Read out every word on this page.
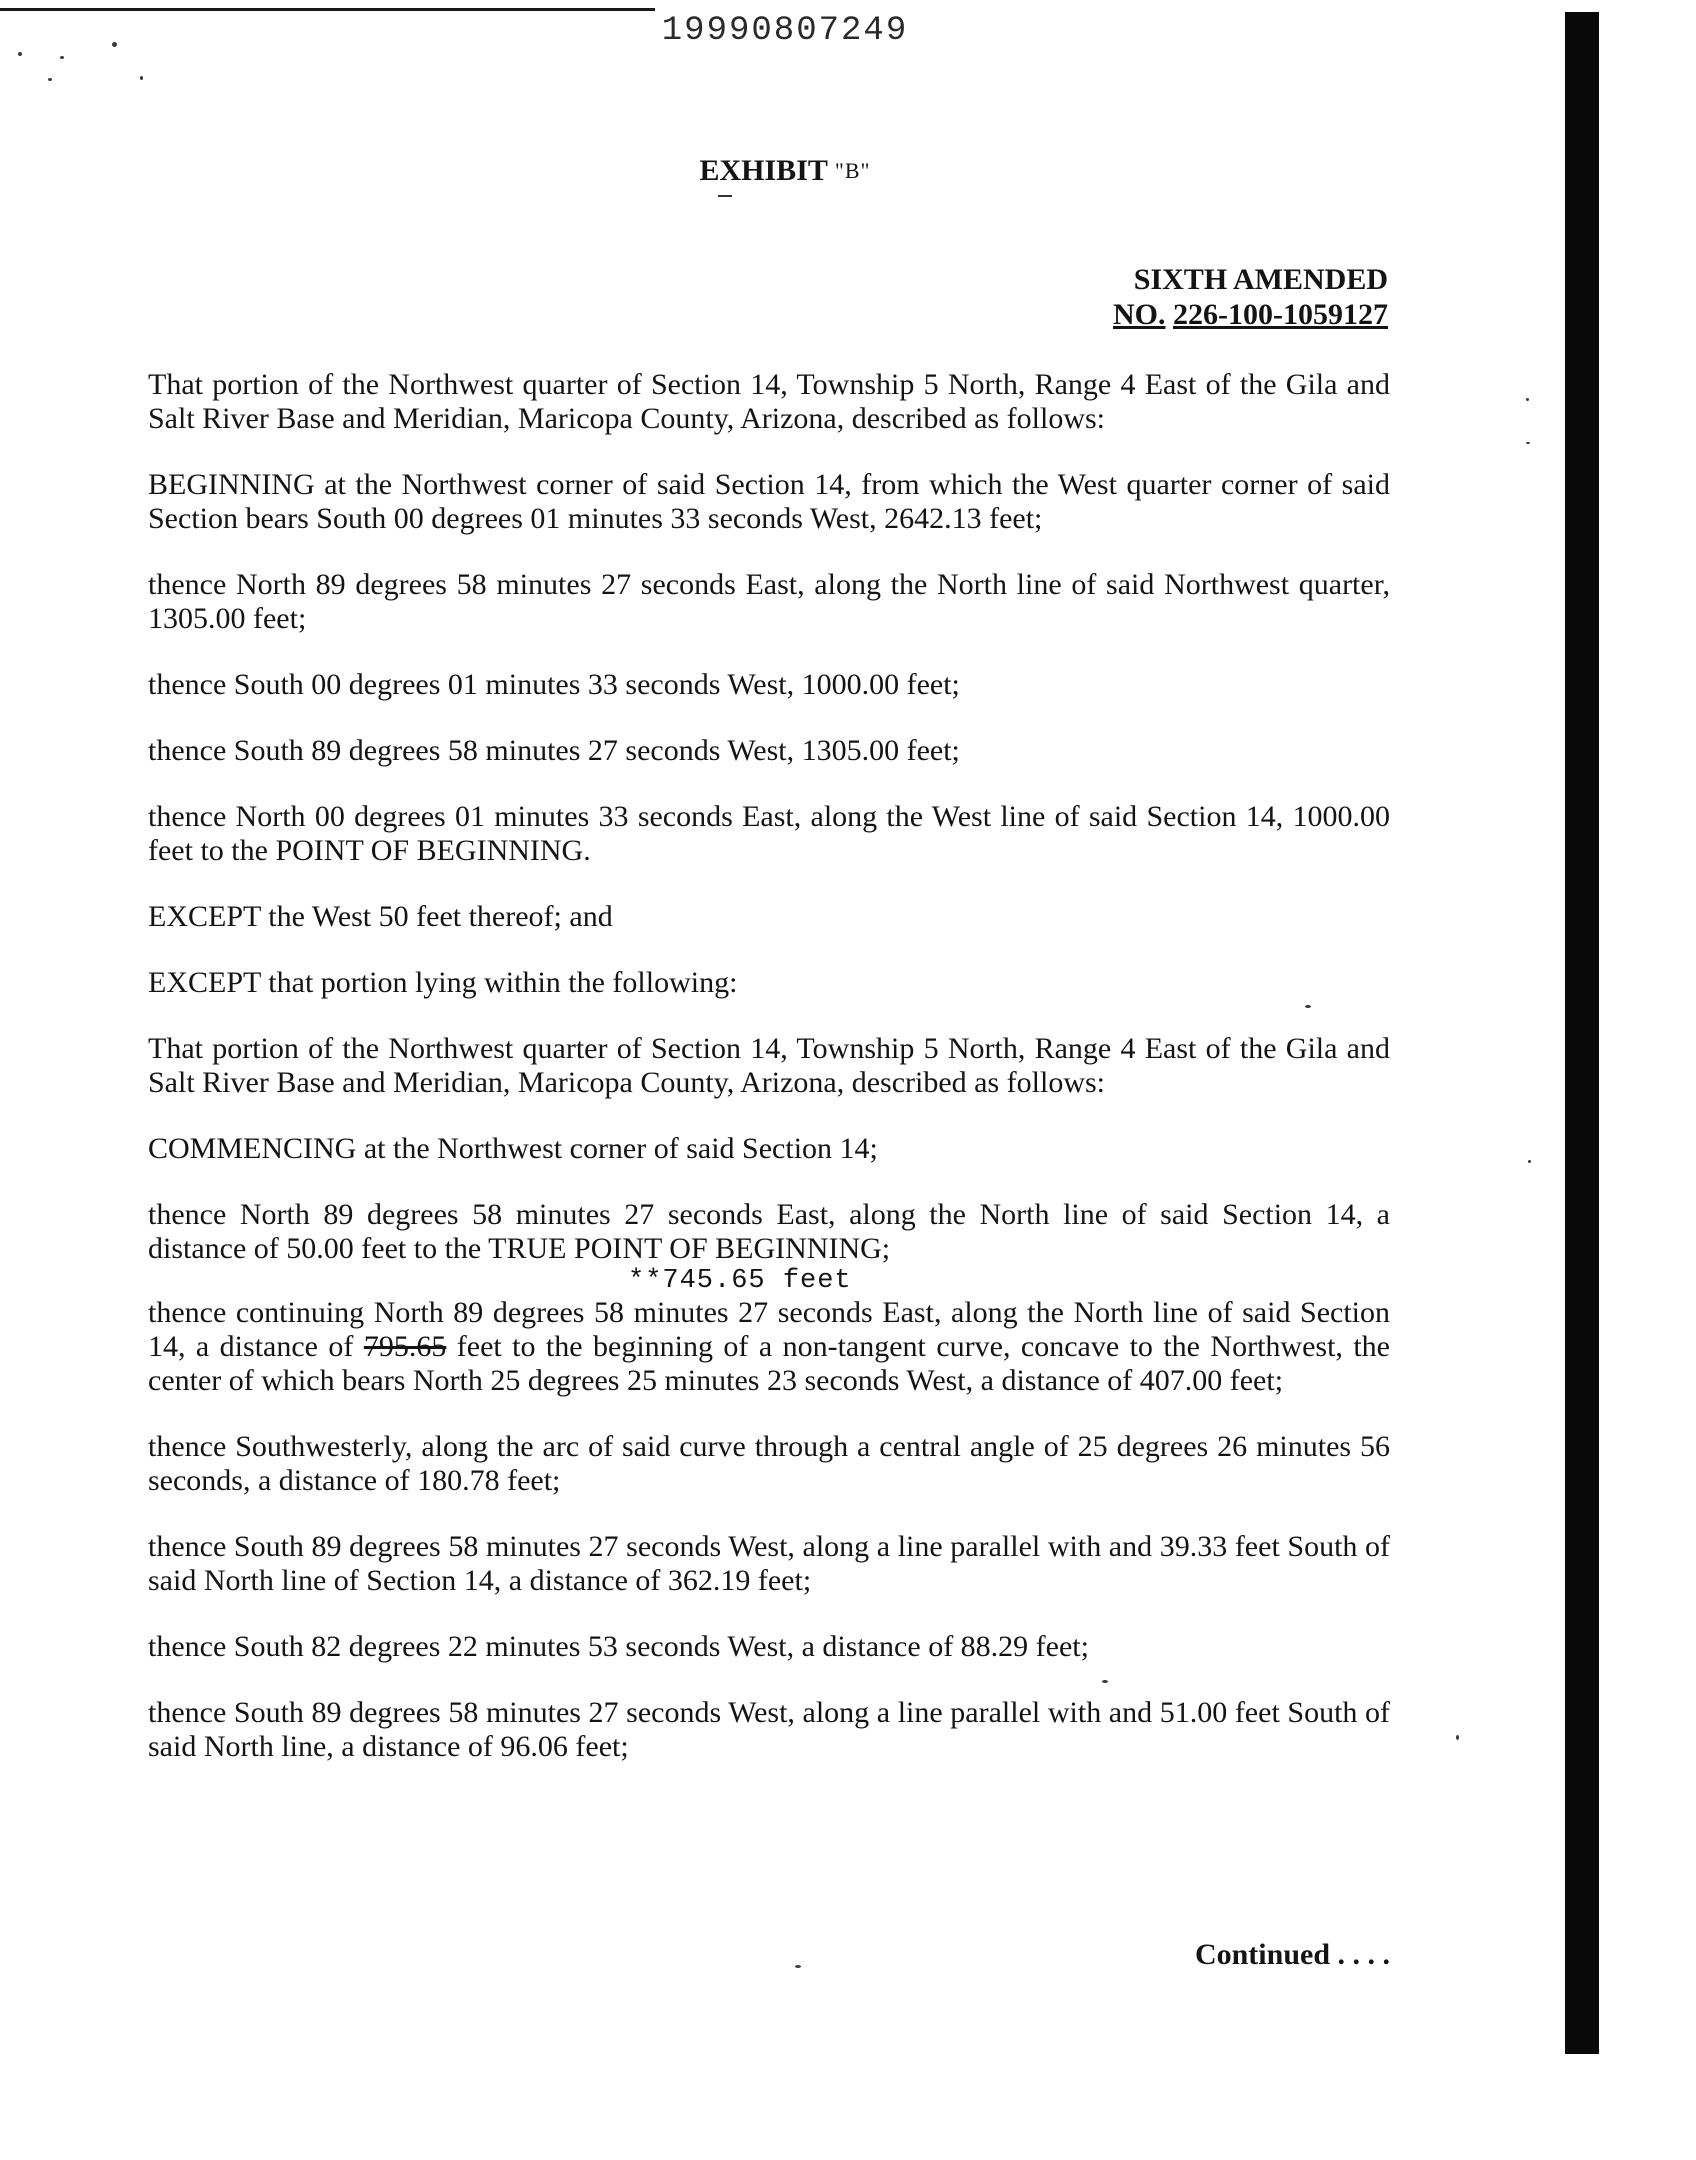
19990807249
EXHIBIT "B"
SIXTH AMENDED
NO. 226-100-1059127

That portion of the Northwest quarter of Section 14, Township 5 North, Range 4 East of the Gila and Salt River Base and Meridian, Maricopa County, Arizona, described as follows:

BEGINNING at the Northwest corner of said Section 14, from which the West quarter corner of said Section bears South 00 degrees 01 minutes 33 seconds West, 2642.13 feet;

thence North 89 degrees 58 minutes 27 seconds East, along the North line of said Northwest quarter, 1305.00 feet;

thence South 00 degrees 01 minutes 33 seconds West, 1000.00 feet;

thence South 89 degrees 58 minutes 27 seconds West, 1305.00 feet;

thence North 00 degrees 01 minutes 33 seconds East, along the West line of said Section 14, 1000.00 feet to the POINT OF BEGINNING.

EXCEPT the West 50 feet thereof; and

EXCEPT that portion lying within the following:

That portion of the Northwest quarter of Section 14, Township 5 North, Range 4 East of the Gila and Salt River Base and Meridian, Maricopa County, Arizona, described as follows:

COMMENCING at the Northwest corner of said Section 14;

thence North 89 degrees 58 minutes 27 seconds East, along the North line of said Section 14, a distance of 50.00 feet to the TRUE POINT OF BEGINNING;

**745.65 feet

thence continuing North 89 degrees 58 minutes 27 seconds East, along the North line of said Section 14, a distance of 795.65 feet to the beginning of a non-tangent curve, concave to the Northwest, the center of which bears North 25 degrees 25 minutes 23 seconds West, a distance of 407.00 feet;

thence Southwesterly, along the arc of said curve through a central angle of 25 degrees 26 minutes 56 seconds, a distance of 180.78 feet;

thence South 89 degrees 58 minutes 27 seconds West, along a line parallel with and 39.33 feet South of said North line of Section 14, a distance of 362.19 feet;

thence South 82 degrees 22 minutes 53 seconds West, a distance of 88.29 feet;

thence South 89 degrees 58 minutes 27 seconds West, along a line parallel with and 51.00 feet South of said North line, a distance of 96.06 feet;

Continued . . . .
